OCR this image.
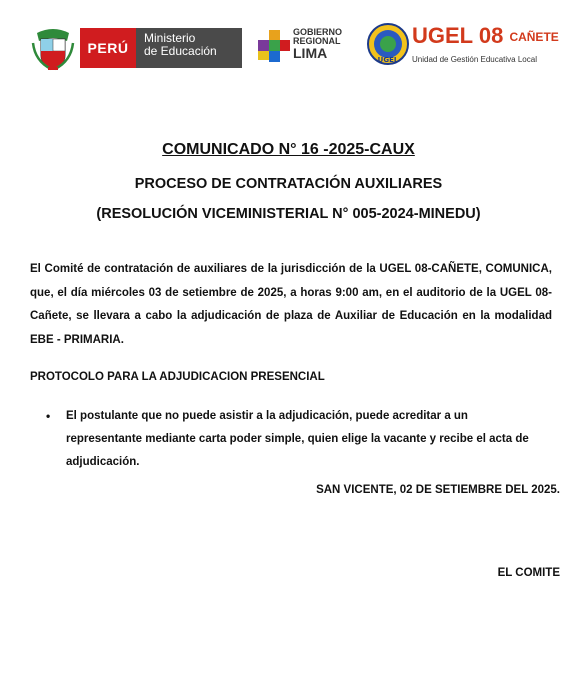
PERÚ
Ministerio
de Educación
GOBIERNO
REGIONAL
LIMA	UGEL
UGEL 08 CAÑETE
Unidad de Gestión Educativa Local
COMUNICADO N° 16 -2025-CAUX
PROCESO DE CONTRATACIÓN AUXILIARES
(RESOLUCIÓN VICEMINISTERIAL N° 005-2024-MINEDU)
El Comité de contratación de auxiliares de la jurisdicción de la UGEL 08-CAÑETE, COMUNICA, que, el día miércoles 03 de setiembre de 2025, a horas 9:00 am, en el auditorio de la UGEL 08-Cañete, se llevara a cabo la adjudicación de plaza de Auxiliar de Educación en la modalidad EBE - PRIMARIA.
PROTOCOLO PARA LA ADJUDICACION PRESENCIAL
•	El postulante que no puede asistir a la adjudicación, puede acreditar a un representante mediante carta poder simple, quien elige la vacante y recibe el acta de adjudicación.
SAN VICENTE, 02 DE SETIEMBRE DEL 2025.
EL COMITE
